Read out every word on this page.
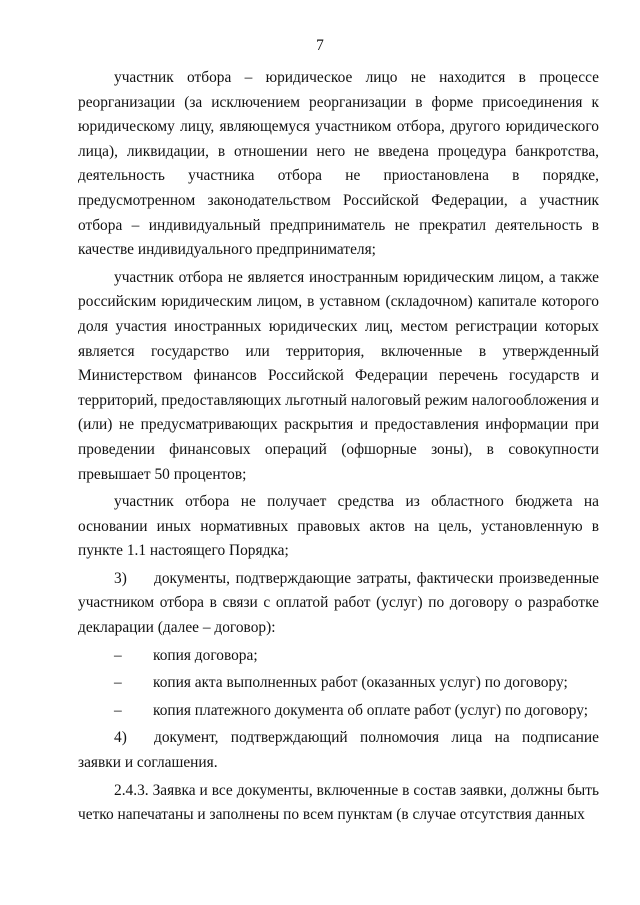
7

участник отбора – юридическое лицо не находится в процессе реорганизации (за исключением реорганизации в форме присоединения к юридическому лицу, являющемуся участником отбора, другого юридического лица), ликвидации, в отношении него не введена процедура банкротства, деятельность участника отбора не приостановлена в порядке, предусмотренном законодательством Российской Федерации, а участник отбора – индивидуальный предприниматель не прекратил деятельность в качестве индивидуального предпринимателя;

участник отбора не является иностранным юридическим лицом, а также российским юридическим лицом, в уставном (складочном) капитале которого доля участия иностранных юридических лиц, местом регистрации которых является государство или территория, включенные в утвержденный Министерством финансов Российской Федерации перечень государств и территорий, предоставляющих льготный налоговый режим налогообложения и (или) не предусматривающих раскрытия и предоставления информации при проведении финансовых операций (офшорные зоны), в совокупности превышает 50 процентов;

участник отбора не получает средства из областного бюджета на основании иных нормативных правовых актов на цель, установленную в пункте 1.1 настоящего Порядка;

3) документы, подтверждающие затраты, фактически произведенные участником отбора в связи с оплатой работ (услуг) по договору о разработке декларации (далее – договор):
– копия договора;
– копия акта выполненных работ (оказанных услуг) по договору;
– копия платежного документа об оплате работ (услуг) по договору;
4) документ, подтверждающий полномочия лица на подписание заявки и соглашения.

2.4.3. Заявка и все документы, включенные в состав заявки, должны быть четко напечатаны и заполнены по всем пунктам (в случае отсутствия данных
